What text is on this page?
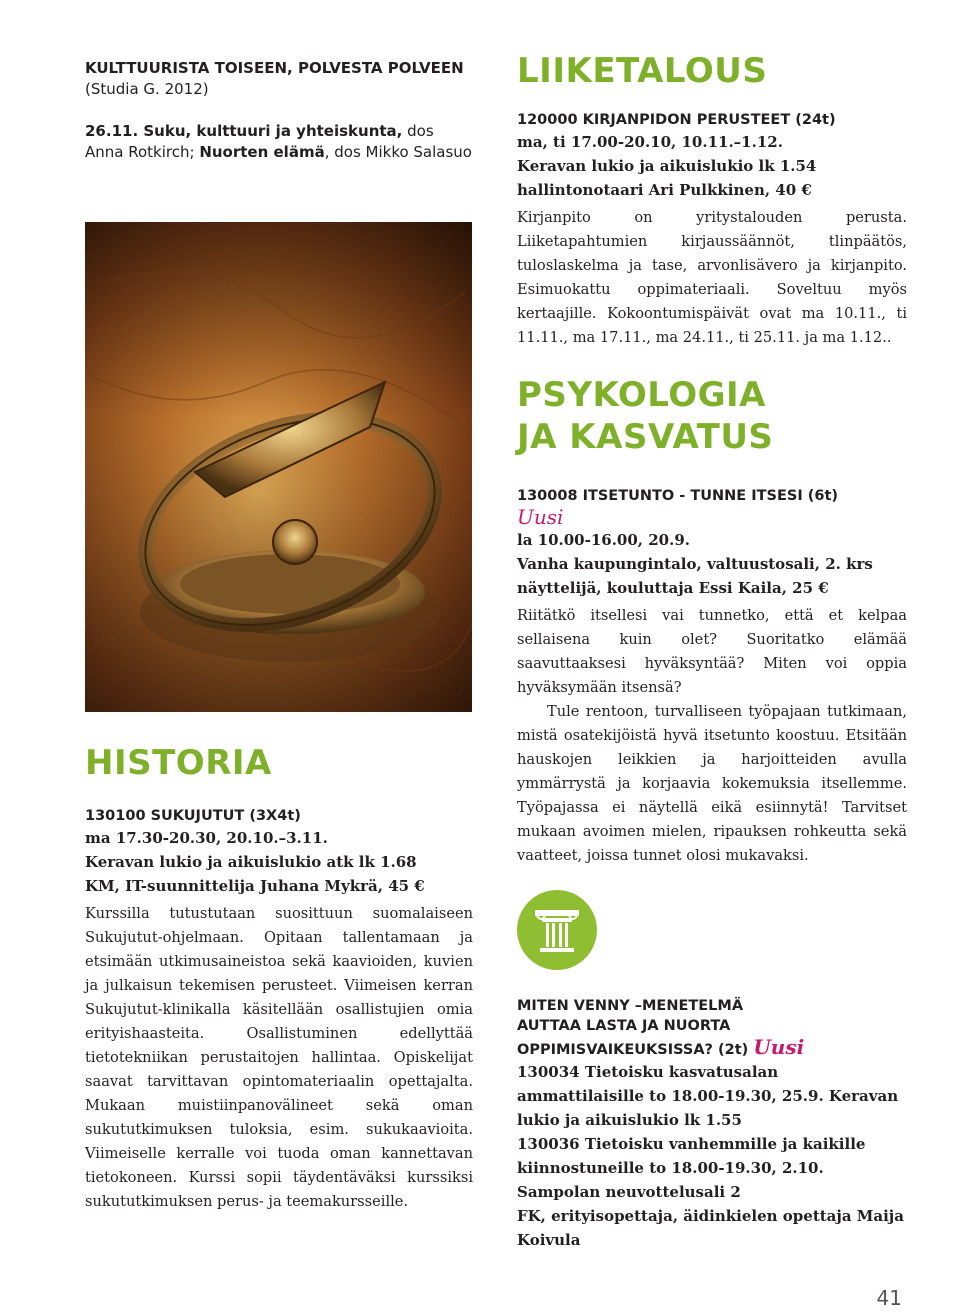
KULTTUURISTA TOISEEN, POLVESTA POLVEEN (Studia G. 2012)

26.11. Suku, kulttuuri ja yhteiskunta, dos Anna Rotkirch; Nuorten elämä, dos Mikko Salasuo

HISTORIA

130100 SUKUJUTUT (3X4t)

ma 17.30-20.30, 20.10.–3.11.

Keravan lukio ja aikuislukio atk lk 1.68

KM, IT-suunnittelija Juhana Mykrä, 45 €

Kurssilla tutustutaan suosittuun suomalaiseen Sukujutut-ohjelmaan. Opitaan tallentamaan ja etsimään utkimusaineistoa sekä kaavioiden, kuvien ja julkaisun tekemisen perusteet. Viimeisen kerran Sukujutut-klinikalla käsitellään osallistujien omia erityishaasteita. Osallistuminen edellyttää tietotekniikan perustaitojen hallintaa. Opiskelijat saavat tarvittavan opintomateriaalin opettajalta. Mukaan muistiinpanovälineet sekä oman sukututkimuksen tuloksia, esim. sukukaavioita. Viimeiselle kerralle voi tuoda oman kannettavan tietokoneen. Kurssi sopii täydentäväksi kurssiksi sukututkimuksen perus- ja teemakursseille.

LIIKETALOUS

120000 KIRJANPIDON PERUSTEET (24t)

ma, ti 17.00-20.10, 10.11.–1.12.

Keravan lukio ja aikuislukio lk 1.54

hallintonotaari Ari Pulkkinen, 40 €

Kirjanpito on yritystalouden perusta. Liiketapahtumien kirjaussäännöt, tlinpäätös, tuloslaskelma ja tase, arvonlisävero ja kirjanpito. Esimuokattu oppimateriaali. Soveltuu myös kertaajille. Kokoontumispäivät ovat ma 10.11., ti 11.11., ma 17.11., ma 24.11., ti 25.11. ja ma 1.12..

PSYKOLOGIA
JA KASVATUS

130008 ITSETUNTO - TUNNE ITSESI (6t)

Uusi

la 10.00-16.00, 20.9.

Vanha kaupungintalo, valtuustosali, 2. krs

näyttelijä, kouluttaja Essi Kaila, 25 €

Riitätkö itsellesi vai tunnetko, että et kelpaa sellaisena kuin olet? Suoritatko elämää saavuttaaksesi hyväksyntää? Miten voi oppia hyväksymään itsensä?

Tule rentoon, turvalliseen työpajaan tutkimaan, mistä osatekijöistä hyvä itsetunto koostuu. Etsitään hauskojen leikkien ja harjoitteiden avulla ymmärrystä ja korjaavia kokemuksia itsellemme. Työpajassa ei näytellä eikä esiinnytä! Tarvitset mukaan avoimen mielen, ripauksen rohkeutta sekä vaatteet, joissa tunnet olosi mukavaksi.

MITEN VENNY –MENETELMÄ

AUTTAA LASTA JA NUORTA

OPPIMISVAIKEUKSISSA? (2t) Uusi

130034 Tietoisku kasvatusalan ammattilaisille to 18.00-19.30, 25.9. Keravan lukio ja aikuislukio lk 1.55

130036 Tietoisku vanhemmille ja kaikille kiinnostuneille to 18.00-19.30, 2.10. Sampolan neuvottelusali 2

FK, erityisopettaja, äidinkielen opettaja Maija Koivula

41
